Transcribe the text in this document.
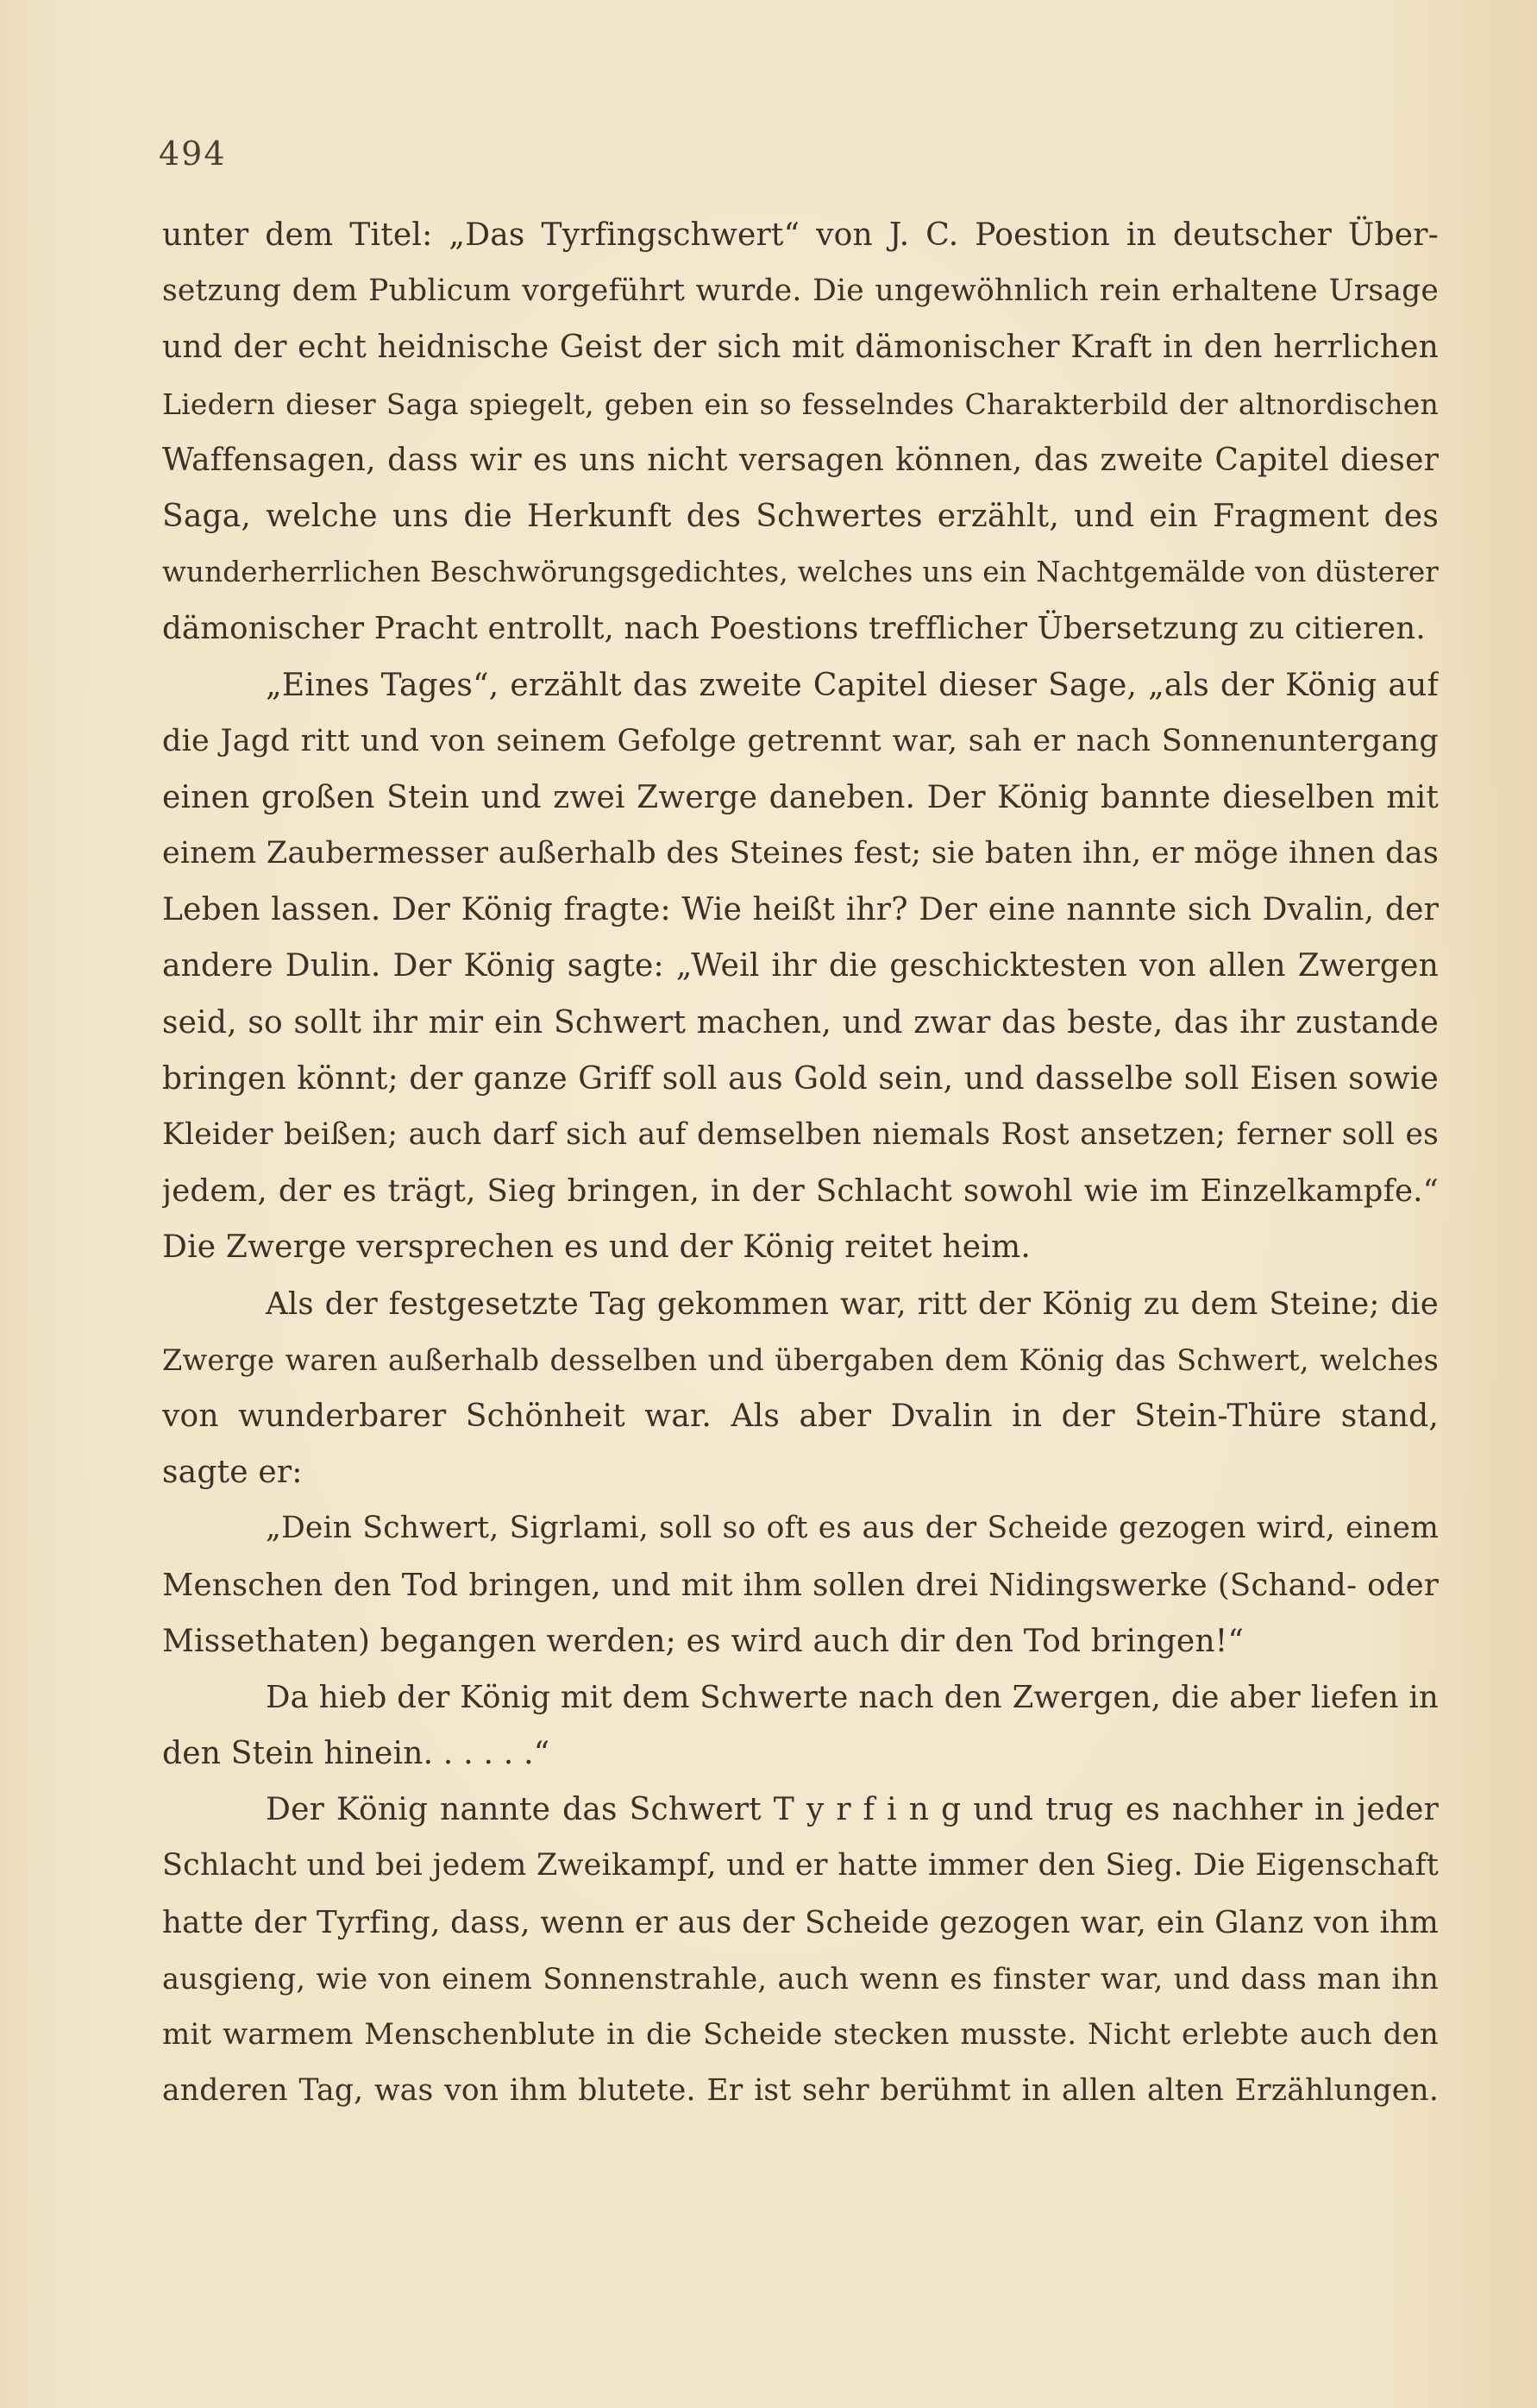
494
unter dem Titel: „Das Tyrfingschwert“ von J. C. Poestion in deutscher Über-
setzung dem Publicum vorgeführt wurde. Die ungewöhnlich rein erhaltene Ursage
und der echt heidnische Geist der sich mit dämonischer Kraft in den herrlichen
Liedern dieser Saga spiegelt, geben ein so fesselndes Charakterbild der altnordischen
Waffensagen, dass wir es uns nicht versagen können, das zweite Capitel dieser
Saga, welche uns die Herkunft des Schwertes erzählt, und ein Fragment des
wunderherrlichen Beschwörungsgedichtes, welches uns ein Nachtgemälde von düsterer
dämonischer Pracht entrollt, nach Poestions trefflicher Übersetzung zu citieren.
„Eines Tages“, erzählt das zweite Capitel dieser Sage, „als der König auf
die Jagd ritt und von seinem Gefolge getrennt war, sah er nach Sonnenuntergang
einen großen Stein und zwei Zwerge daneben. Der König bannte dieselben mit
einem Zaubermesser außerhalb des Steines fest; sie baten ihn, er möge ihnen das
Leben lassen. Der König fragte: Wie heißt ihr? Der eine nannte sich Dvalin, der
andere Dulin. Der König sagte: „Weil ihr die geschicktesten von allen Zwergen
seid, so sollt ihr mir ein Schwert machen, und zwar das beste, das ihr zustande
bringen könnt; der ganze Griff soll aus Gold sein, und dasselbe soll Eisen sowie
Kleider beißen; auch darf sich auf demselben niemals Rost ansetzen; ferner soll es
jedem, der es trägt, Sieg bringen, in der Schlacht sowohl wie im Einzelkampfe.“
Die Zwerge versprechen es und der König reitet heim.
Als der festgesetzte Tag gekommen war, ritt der König zu dem Steine; die
Zwerge waren außerhalb desselben und übergaben dem König das Schwert, welches
von wunderbarer Schönheit war. Als aber Dvalin in der Stein-Thüre stand,
sagte er:
„Dein Schwert, Sigrlami, soll so oft es aus der Scheide gezogen wird, einem
Menschen den Tod bringen, und mit ihm sollen drei Nidingswerke (Schand- oder
Missethaten) begangen werden; es wird auch dir den Tod bringen!“
Da hieb der König mit dem Schwerte nach den Zwergen, die aber liefen in
den Stein hinein. . . . . .“
Der König nannte das Schwert T y r f i n g und trug es nachher in jeder
Schlacht und bei jedem Zweikampf, und er hatte immer den Sieg. Die Eigenschaft
hatte der Tyrfing, dass, wenn er aus der Scheide gezogen war, ein Glanz von ihm
ausgieng, wie von einem Sonnenstrahle, auch wenn es finster war, und dass man ihn
mit warmem Menschenblute in die Scheide stecken musste. Nicht erlebte auch den
anderen Tag, was von ihm blutete. Er ist sehr berühmt in allen alten Erzählungen.
